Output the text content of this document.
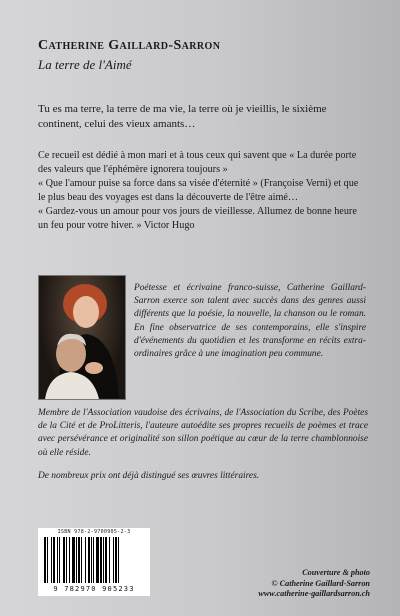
Catherine Gaillard-Sarron
La terre de l'Aimé

Tu es ma terre, la terre de ma vie, la terre où je vieillis, le sixième continent, celui des vieux amants…

Ce recueil est dédié à mon mari et à tous ceux qui savent que « La durée porte des valeurs que l'éphémère ignorera toujours »

« Que l'amour puise sa force dans sa visée d'éternité » (Françoise Verni) et que le plus beau des voyages est dans la découverte de l'être aimé…

« Gardez-vous un amour pour vos jours de vieillesse. Allumez de bonne heure un feu pour votre hiver. » Victor Hugo

Poétesse et écrivaine franco-suisse, Catherine Gaillard-Sarron exerce son talent avec succès dans des genres aussi différents que la poésie, la nouvelle, la chanson ou le roman. En fine observatrice de ses contemporains, elle s'inspire d'événements du quotidien et les transforme en récits extra-ordinaires grâce à une imagination peu commune.

Membre de l'Association vaudoise des écrivains, de l'Association du Scribe, des Poètes de la Cité et de ProLitteris, l'auteure autoédite ses propres recueils de poèmes et trace avec persévérance et originalité son sillon poétique au cœur de la terre chamblonnoise où elle réside.

De nombreux prix ont déjà distingué ses œuvres littéraires.

ISBN 978-2-9700905-2-3
9 782970 905233
Couverture & photo
© Catherine Gaillard-Sarron
www.catherine-gaillardsarron.ch
